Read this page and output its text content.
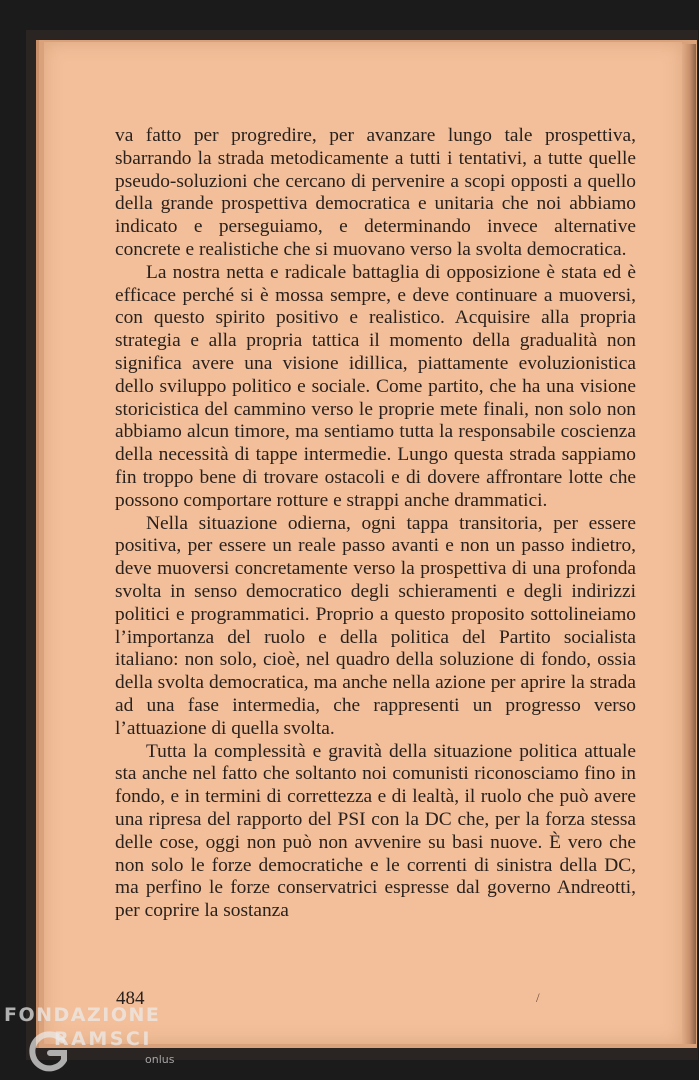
va fatto per progredire, per avanzare lungo tale prospettiva, sbarrando la strada metodicamente a tutti i tentativi, a tutte quelle pseudo-soluzioni che cercano di pervenire a scopi opposti a quello della grande prospettiva democratica e unitaria che noi abbiamo indicato e perseguiamo, e determinando invece alternative concrete e realistiche che si muovano verso la svolta democratica.

La nostra netta e radicale battaglia di opposizione è stata ed è efficace perché si è mossa sempre, e deve continuare a muoversi, con questo spirito positivo e realistico. Acquisire alla propria strategia e alla propria tattica il momento della gradualità non significa avere una visione idillica, piattamente evoluzionistica dello sviluppo politico e sociale. Come partito, che ha una visione storicistica del cammino verso le proprie mete finali, non solo non abbiamo alcun timore, ma sentiamo tutta la responsabile coscienza della necessità di tappe intermedie. Lungo questa strada sappiamo fin troppo bene di trovare ostacoli e di dovere affrontare lotte che possono comportare rotture e strappi anche drammatici.

Nella situazione odierna, ogni tappa transitoria, per essere positiva, per essere un reale passo avanti e non un passo indietro, deve muoversi concretamente verso la prospettiva di una profonda svolta in senso democratico degli schieramenti e degli indirizzi politici e programmatici. Proprio a questo proposito sottolineiamo l’importanza del ruolo e della politica del Partito socialista italiano: non solo, cioè, nel quadro della soluzione di fondo, ossia della svolta democratica, ma anche nella azione per aprire la strada ad una fase intermedia, che rappresenti un progresso verso l’attuazione di quella svolta.

Tutta la complessità e gravità della situazione politica attuale sta anche nel fatto che soltanto noi comunisti riconosciamo fino in fondo, e in termini di correttezza e di lealtà, il ruolo che può avere una ripresa del rapporto del PSI con la DC che, per la forza stessa delle cose, oggi non può non avvenire su basi nuove. È vero che non solo le forze democratiche e le correnti di sinistra della DC, ma perfino le forze conservatrici espresse dal governo Andreotti, per coprire la sostanza

484	/
FONDAZIONE
RAMSCI
onlus
